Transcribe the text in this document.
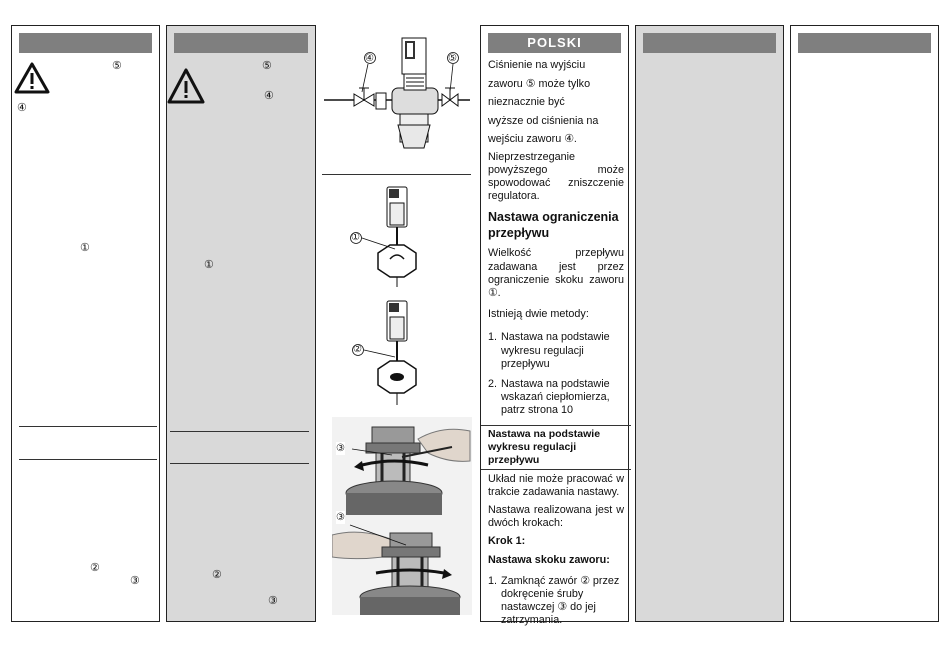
⑤
④
①
②
③
⑤
④
①
②
③
④	⑤
①
②
③
③
POLSKI

Ciśnienie na wyjściu
zaworu ⑤ może tylko
nieznacznie być
wyższe od ciśnienia na
wejściu zaworu ④.

Nieprzestrzeganie powyższego może spowodować zniszczenie regulatora.

Nastawa ograniczenia przepływu

Wielkość przepływu zadawana jest przez ograniczenie skoku zaworu ①.

Istnieją dwie metody:

1. Nastawa na podstawie wykresu regulacji przepływu
2. Nastawa na podstawie wskazań ciepłomierza, patrz strona 10
Nastawa na podstawie wykresu regulacji przepływu

Układ nie może pracować w trakcie zadawania nastawy.

Nastawa realizowana jest w dwóch krokach:

Krok 1:

Nastawa skoku zaworu:

1. Zamknąć zawór ② przez dokręcenie śruby nastawczej ③ do jej zatrzymania.
